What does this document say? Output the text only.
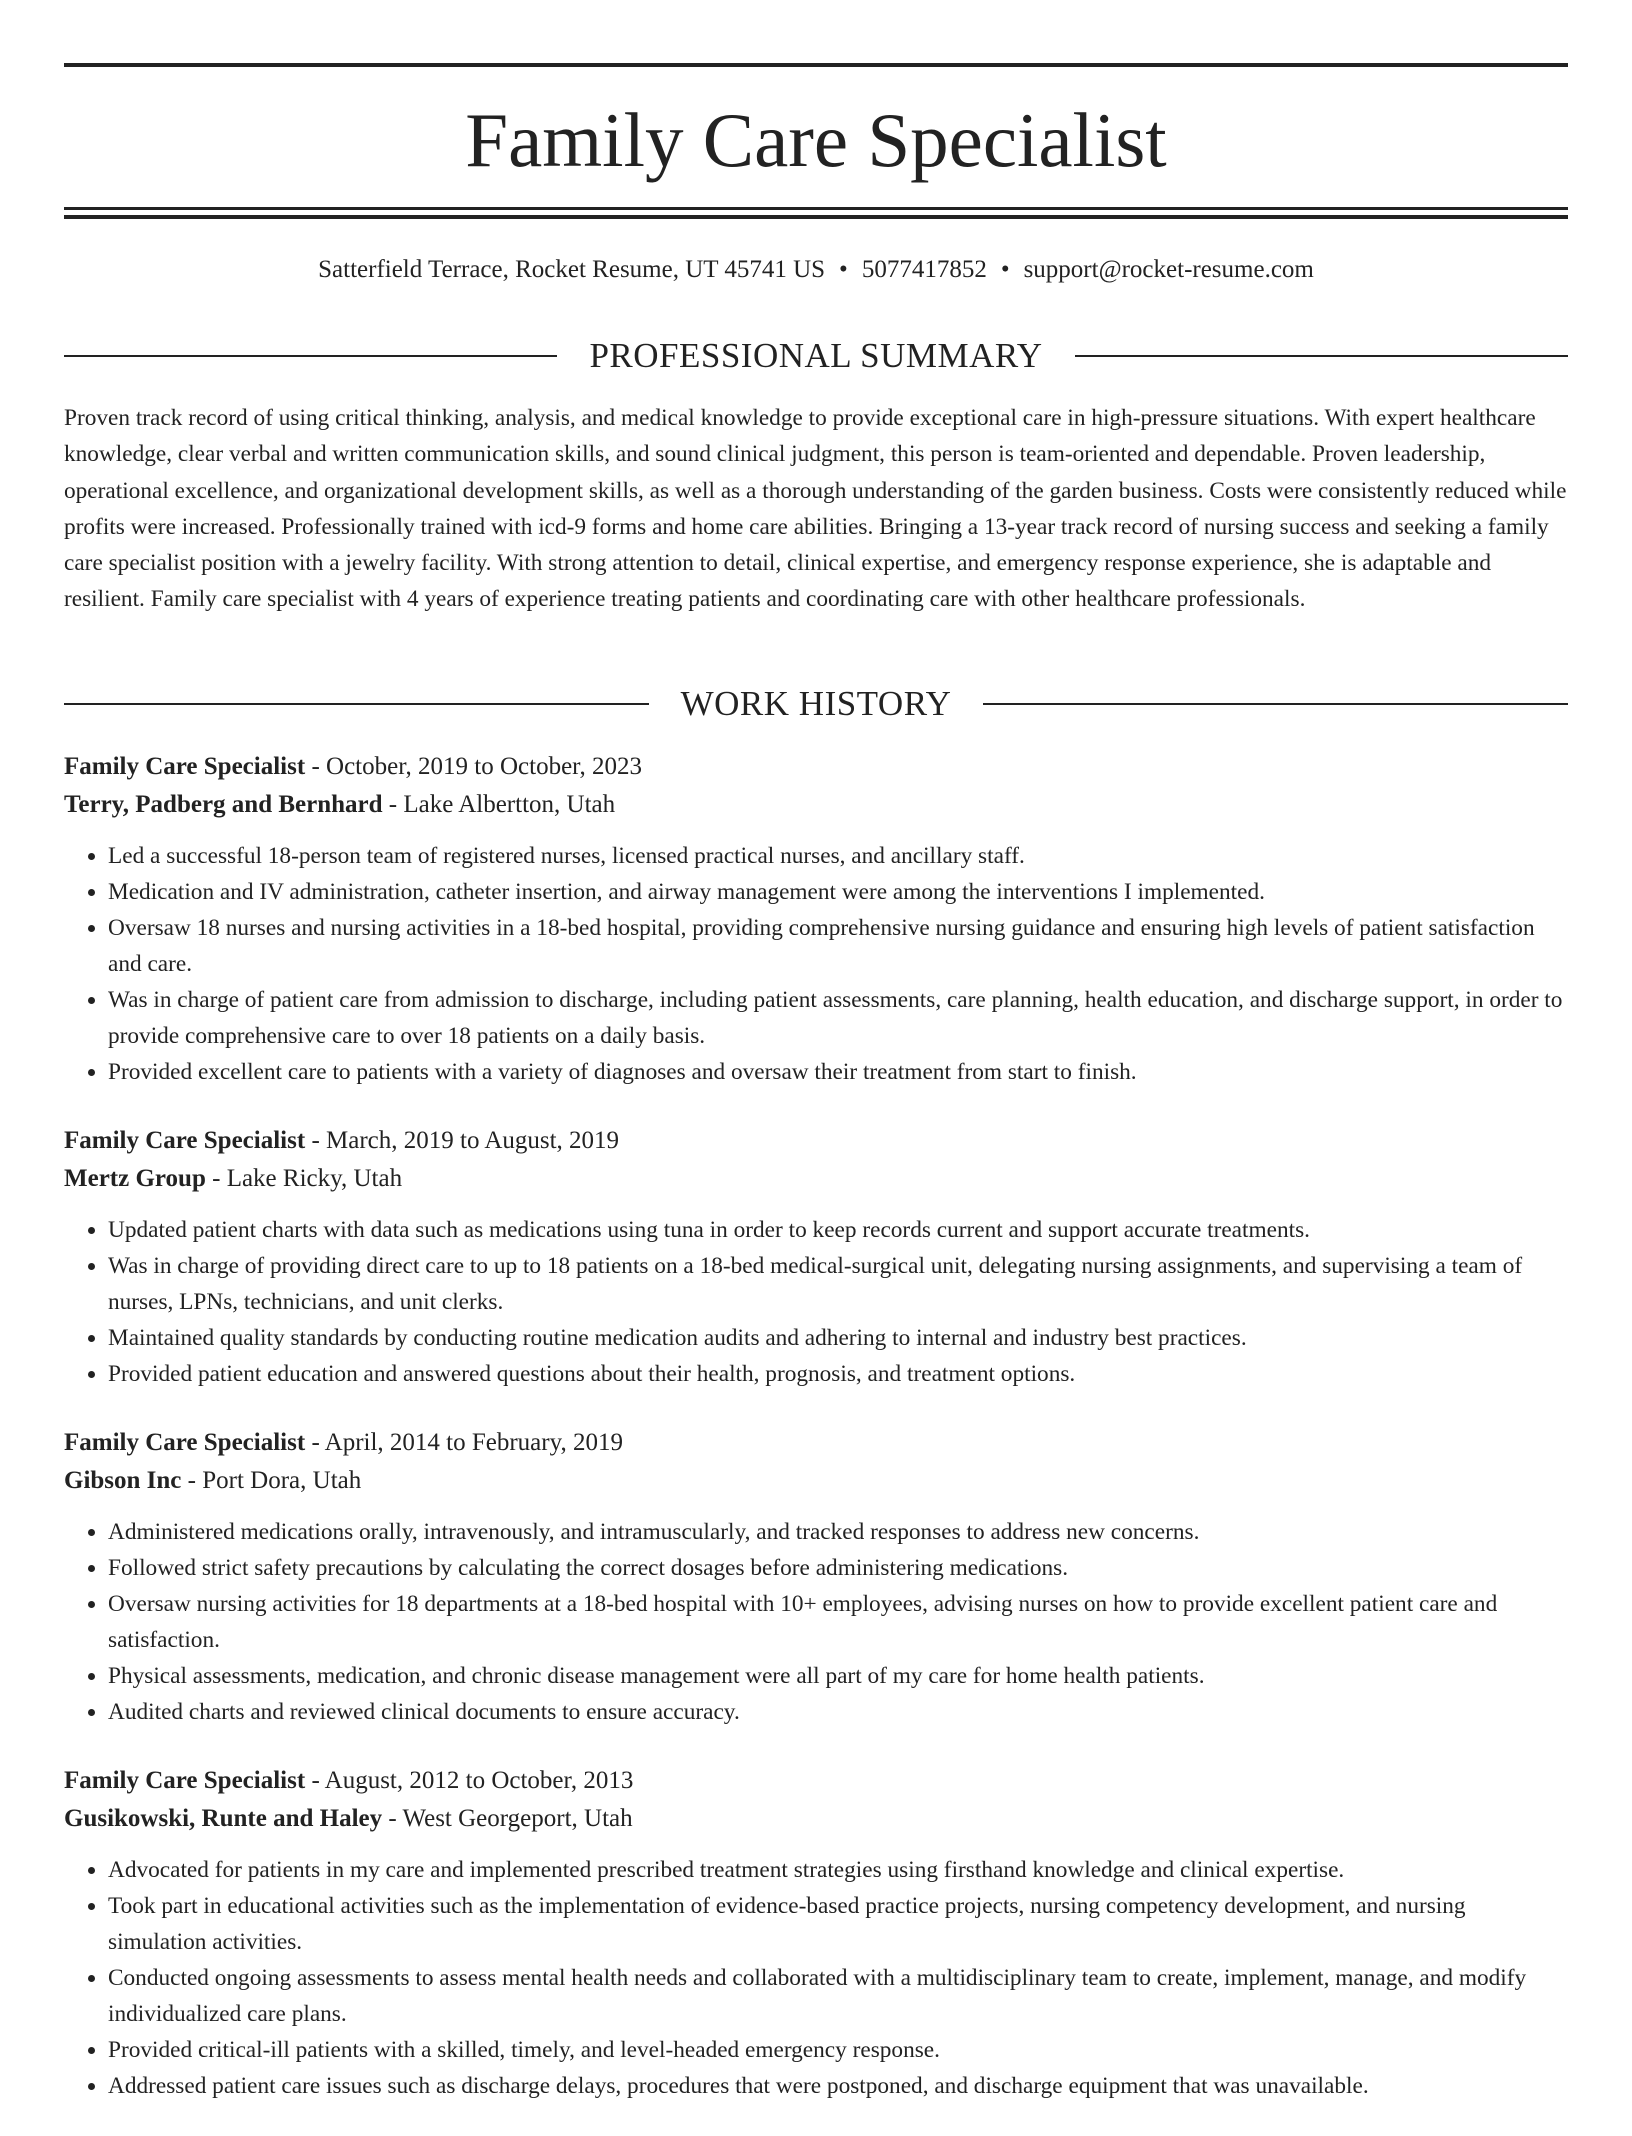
Family Care Specialist
Satterfield Terrace, Rocket Resume, UT 45741 US • 5077417852 • support@rocket-resume.com
PROFESSIONAL SUMMARY

Proven track record of using critical thinking, analysis, and medical knowledge to provide exceptional care in high-pressure situations. With expert healthcare knowledge, clear verbal and written communication skills, and sound clinical judgment, this person is team-oriented and dependable. Proven leadership, operational excellence, and organizational development skills, as well as a thorough understanding of the garden business. Costs were consistently reduced while profits were increased. Professionally trained with icd-9 forms and home care abilities. Bringing a 13-year track record of nursing success and seeking a family care specialist position with a jewelry facility. With strong attention to detail, clinical expertise, and emergency response experience, she is adaptable and resilient. Family care specialist with 4 years of experience treating patients and coordinating care with other healthcare professionals.

WORK HISTORY
Family Care Specialist - October, 2019 to October, 2023
Terry, Padberg and Bernhard - Lake Albertton, Utah
• Led a successful 18-person team of registered nurses, licensed practical nurses, and ancillary staff.
• Medication and IV administration, catheter insertion, and airway management were among the interventions I implemented.
• Oversaw 18 nurses and nursing activities in a 18-bed hospital, providing comprehensive nursing guidance and ensuring high levels of patient satisfaction and care.
• Was in charge of patient care from admission to discharge, including patient assessments, care planning, health education, and discharge support, in order to provide comprehensive care to over 18 patients on a daily basis.
• Provided excellent care to patients with a variety of diagnoses and oversaw their treatment from start to finish.
Family Care Specialist - March, 2019 to August, 2019
Mertz Group - Lake Ricky, Utah
• Updated patient charts with data such as medications using tuna in order to keep records current and support accurate treatments.
• Was in charge of providing direct care to up to 18 patients on a 18-bed medical-surgical unit, delegating nursing assignments, and supervising a team of nurses, LPNs, technicians, and unit clerks.
• Maintained quality standards by conducting routine medication audits and adhering to internal and industry best practices.
• Provided patient education and answered questions about their health, prognosis, and treatment options.
Family Care Specialist - April, 2014 to February, 2019
Gibson Inc - Port Dora, Utah
• Administered medications orally, intravenously, and intramuscularly, and tracked responses to address new concerns.
• Followed strict safety precautions by calculating the correct dosages before administering medications.
• Oversaw nursing activities for 18 departments at a 18-bed hospital with 10+ employees, advising nurses on how to provide excellent patient care and satisfaction.
• Physical assessments, medication, and chronic disease management were all part of my care for home health patients.
• Audited charts and reviewed clinical documents to ensure accuracy.
Family Care Specialist - August, 2012 to October, 2013
Gusikowski, Runte and Haley - West Georgeport, Utah
• Advocated for patients in my care and implemented prescribed treatment strategies using firsthand knowledge and clinical expertise.
• Took part in educational activities such as the implementation of evidence-based practice projects, nursing competency development, and nursing simulation activities.
• Conducted ongoing assessments to assess mental health needs and collaborated with a multidisciplinary team to create, implement, manage, and modify individualized care plans.
• Provided critical-ill patients with a skilled, timely, and level-headed emergency response.
• Addressed patient care issues such as discharge delays, procedures that were postponed, and discharge equipment that was unavailable.
